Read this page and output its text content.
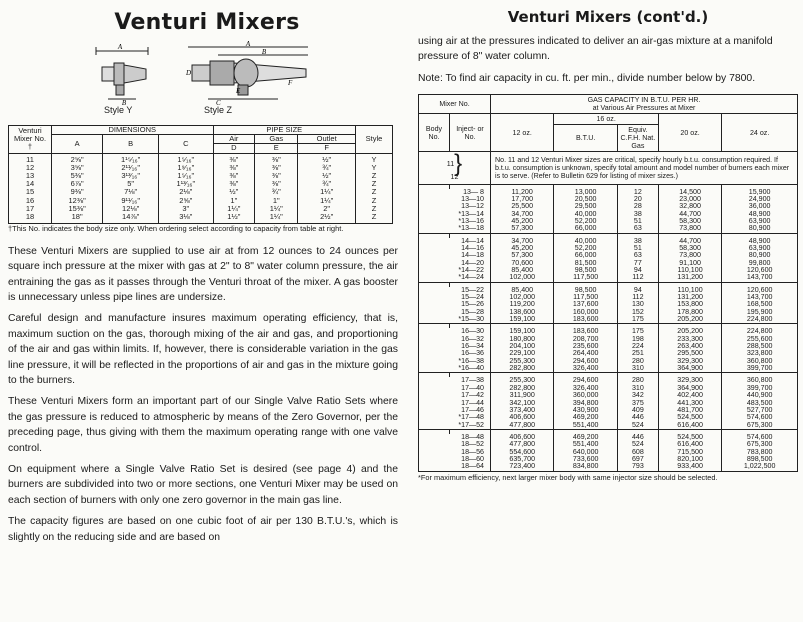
Venturi Mixers
A
B
A
B
E
D
F
C
Style Y	Style Z
Venturi Mixer No.
†	DIMENSIONS			PIPE SIZE			Style
	A	B	C	Air	Gas	Outlet	
				D	E	F	
11	2⅝"	1¹⁵⁄₁₆"	1⁵⁄₁₆"	⅜"	⅜"	½"	Y
12	3⅝"	2¹¹⁄₁₆"	1⁹⁄₁₆"	⅜"	⅜"	¾"	Y
13	5⅜"	3¹³⁄₁₆"	1⁵⁄₁₆"	⅜"	⅜"	½"	Z
14	6⅞"	5"	1¹³⁄₁₆"	⅜"	⅜"	¾"	Z
15	9⅜"	7⅛"	2⅛"	½"	¾"	1¼"	Z
16	12⅜"	9¹¹⁄₁₆"	2⅝"	1"	1"	1¼"	Z
17	15⅜"	12⅛"	3"	1¼"	1¼"	2"	Z
18	18"	14⅞"	3⅛"	1½"	1¼"	2½"	Z

†This No. indicates the body size only. When ordering select according to capacity from table at right.

These Venturi Mixers are supplied to use air at from 12 ounces to 24 ounces per square inch pressure at the mixer with gas at 2" to 8" water column pressure, the air entraining the gas as it passes through the Venturi throat of the mixer. A gas booster is unnecessary unless pipe lines are undersize.

Careful design and manufacture insures maximum operating efficiency, that is, maximum suction on the gas, thorough mixing of the air and gas, and proportioning of the air and gas within limits. If, however, there is considerable variation in the gas line pressure, it will be reflected in the proportions of air and gas in the mixture going to the burners.

These Venturi Mixers form an important part of our Single Valve Ratio Sets where the gas pressure is reduced to atmospheric by means of the Zero Governor, per the preceding page, thus giving with them the maximum operating range with one valve control.

On equipment where a Single Valve Ratio Set is desired (see page 4) and the burners are subdivided into two or more sections, one Venturi Mixer may be used on each section of burners with only one zero governor in the main gas line.

The capacity figures are based on one cubic foot of air per 130 B.T.U.'s, which is slightly on the reducing side and are based on

Venturi Mixers (cont'd.)

using air at the pressures indicated to deliver an air-gas mixture at a manifold pressure of 8" water column.

Note: To find air capacity in cu. ft. per min., divide number below by 7800.

Mixer No.		GAS CAPACITY IN B.T.U. PER HR.
at Various Air Pressures at Mixer				
Body No.	Inject- or No.	12 oz.	16 oz.		20 oz.	24 oz.
			B.T.U.	Equiv. C.F.H. Nat. Gas		
11}
12		No. 11 and 12 Venturi Mixer sizes are critical, specify hourly b.t.u. consumption required. If b.t.u. consumption is unknown, specify total amount and model number of burners each mixer is to serve. (Refer to Bulletin 629 for listing of mixer sizes.)				

13— 8		11,200	13,000	12	14,500	15,900
13—10		17,700	20,500	20	23,000	24,900
13—12		25,500	29,500	28	32,800	36,000
*13—14		34,700	40,000	38	44,700	48,900
*13—16		45,200	52,200	51	58,300	63,900
*13—18		57,300	66,000	63	73,800	80,900

14—14		34,700	40,000	38	44,700	48,900
14—16		45,200	52,200	51	58,300	63,900
14—18		57,300	66,000	63	73,800	80,900
14—20		70,600	81,500	77	91,100	99,800
*14—22		85,400	98,500	94	110,100	120,600
*14—24		102,000	117,500	112	131,200	143,700

15—22		85,400	98,500	94	110,100	120,600
15—24		102,000	117,500	112	131,200	143,700
15—26		119,200	137,600	130	153,800	168,500
15—28		138,600	160,000	152	178,800	195,900
*15—30		159,100	183,600	175	205,200	224,800

16—30		159,100	183,600	175	205,200	224,800
16—32		180,800	208,700	198	233,300	255,600
16—34		204,100	235,600	224	263,400	288,500
16—36		229,100	264,400	251	295,500	323,800
*16—38		255,300	294,600	280	329,300	360,800
*16—40		282,800	326,400	310	364,900	399,700

17—38		255,300	294,600	280	329,300	360,800
17—40		282,800	326,400	310	364,900	399,700
17—42		311,900	360,000	342	402,400	440,900
17—44		342,100	394,800	375	441,300	483,500
17—46		373,400	430,900	409	481,700	527,700
*17—48		406,600	469,200	446	524,500	574,600
*17—52		477,800	551,400	524	616,400	675,300

18—48		406,600	469,200	446	524,500	574,600
18—52		477,800	551,400	524	616,400	675,300
18—56		554,600	640,000	608	715,500	783,800
18—60		635,700	733,600	697	820,100	898,500
18—64		723,400	834,800	793	933,400	1,022,500

*For maximum efficiency, next larger mixer body with same injector size should be selected.
